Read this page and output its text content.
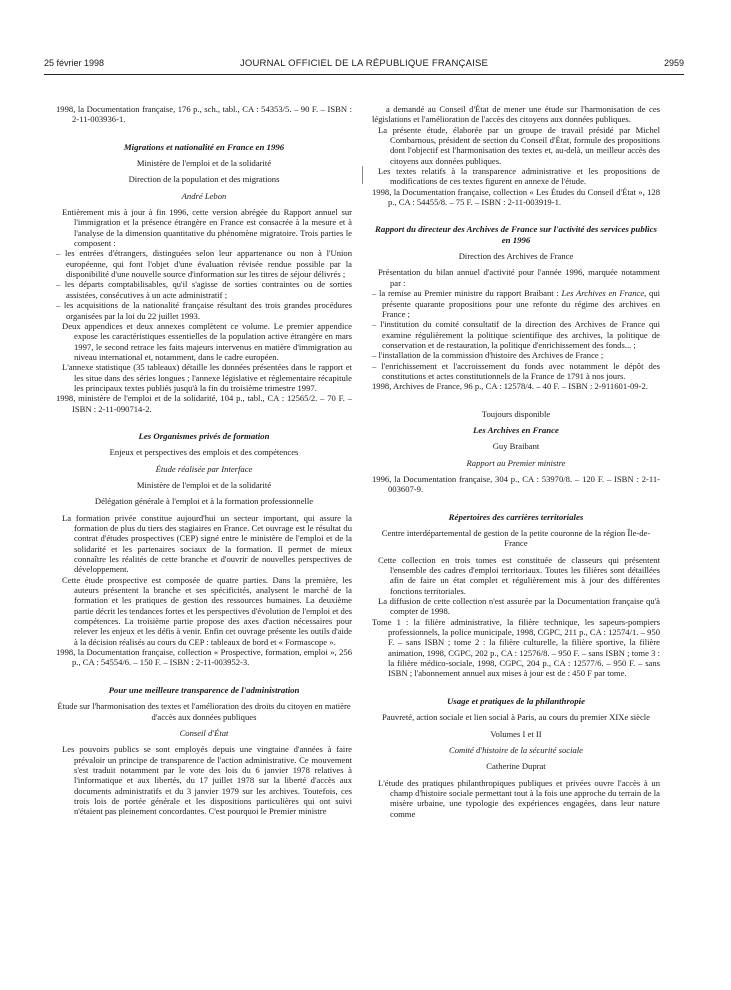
25 février 1998	JOURNAL OFFICIEL DE LA RÉPUBLIQUE FRANÇAISE	2959

1998, la Documentation française, 176 p., sch., tabl., CA : 54353/5. – 90 F. – ISBN : 2-11-003936-1.

Migrations et nationalité en France en 1996

Ministère de l'emploi et de la solidarité

Direction de la population et des migrations

André Lebon

Entièrement mis à jour à fin 1996, cette version abrégée du Rapport annuel sur l'immigration et la présence étrangère en France est consacrée à la mesure et à l'analyse de la dimension quantitative du phénomène migratoire. Trois parties le composent :

– les entrées d'étrangers, distinguées selon leur appartenance ou non à l'Union européenne, qui font l'objet d'une évaluation révisée rendue possible par la disponibilité d'une nouvelle source d'information sur les titres de séjour délivrés ;

– les départs comptabilisables, qu'il s'agisse de sorties contraintes ou de sorties assistées, consécutives à un acte administratif ;

– les acquisitions de la nationalité française résultant des trois grandes procédures organisées par la loi du 22 juillet 1993.

Deux appendices et deux annexes complètent ce volume. Le premier appendice expose les caractéristiques essentielles de la population active étrangère en mars 1997, le second retrace les faits majeurs intervenus en matière d'immigration au niveau international et, notamment, dans le cadre européen.

L'annexe statistique (35 tableaux) détaille les données présentées dans le rapport et les situe dans des séries longues ; l'annexe législative et réglementaire récapitule les principaux textes publiés jusqu'à la fin du troisième trimestre 1997.

1998, ministère de l'emploi et de la solidarité, 104 p., tabl., CA : 12565/2. – 70 F. – ISBN : 2-11-090714-2.

Les Organismes privés de formation

Enjeux et perspectives des emplois et des compétences

Étude réalisée par Interface

Ministère de l'emploi et de la solidarité

Délégation générale à l'emploi et à la formation professionnelle

La formation privée constitue aujourd'hui un secteur important, qui assure la formation de plus du tiers des stagiaires en France. Cet ouvrage est le résultat du contrat d'études prospectives (CEP) signé entre le ministère de l'emploi et de la solidarité et les partenaires sociaux de la formation. Il permet de mieux connaître les réalités de cette branche et d'ouvrir de nouvelles perspectives de développement.

Cette étude prospective est composée de quatre parties. Dans la première, les auteurs présentent la branche et ses spécificités, analysent le marché de la formation et les pratiques de gestion des ressources humaines. La deuxième partie décrit les tendances fortes et les perspectives d'évolution de l'emploi et des compétences. La troisième partie propose des axes d'action nécessaires pour relever les enjeux et les défis à venir. Enfin cet ouvrage présente les outils d'aide à la décision réalisés au cours du CEP : tableaux de bord et « Formascope ».

1998, la Documentation française, collection « Prospective, formation, emploi », 256 p., CA : 54554/6. – 150 F. – ISBN : 2-11-003952-3.

Pour une meilleure transparence de l'administration

Étude sur l'harmonisation des textes et l'amélioration des droits du citoyen en matière d'accès aux données publiques

Conseil d'État

Les pouvoirs publics se sont employés depuis une vingtaine d'années à faire prévaloir un principe de transparence de l'action administrative. Ce mouvement s'est traduit notamment par le vote des lois du 6 janvier 1978 relatives à l'informatique et aux libertés, du 17 juillet 1978 sur la liberté d'accès aux documents administratifs et du 3 janvier 1979 sur les archives. Toutefois, ces trois lois de portée générale et les dispositions particulières qui ont suivi n'étaient pas pleinement concordantes. C'est pourquoi le Premier ministre

a demandé au Conseil d'État de mener une étude sur l'harmonisation de ces législations et l'amélioration de l'accès des citoyens aux données publiques.

La présente étude, élaborée par un groupe de travail présidé par Michel Combarnous, président de section du Conseil d'État, formule des propositions dont l'objectif est l'harmonisation des textes et, au-delà, un meilleur accès des citoyens aux données publiques.

Les textes relatifs à la transparence administrative et les propositions de modifications de ces textes figurent en annexe de l'étude.

1998, la Documentation française, collection « Les Études du Conseil d'État », 128 p., CA : 54455/8. – 75 F. – ISBN : 2-11-003919-1.

Rapport du directeur des Archives de France sur l'activité des services publics en 1996

Direction des Archives de France

Présentation du bilan annuel d'activité pour l'année 1996, marquée notamment par :

– la remise au Premier ministre du rapport Braibant : Les Archives en France, qui présente quarante propositions pour une refonte du régime des archives en France ;

– l'institution du comité consultatif de la direction des Archives de France qui examine régulièrement la politique scientifique des archives, la politique de conservation et de restauration, la politique d'enrichissement des fonds... ;

– l'installation de la commission d'histoire des Archives de France ;

– l'enrichissement et l'accroissement du fonds avec notamment le dépôt des constitutions et actes constitutionnels de la France de 1791 à nos jours.

1998, Archives de France, 96 p., CA : 12578/4. – 40 F. – ISBN : 2-911601-09-2.

Toujours disponible

Les Archives en France

Guy Braibant

Rapport au Premier ministre

1996, la Documentation française, 304 p., CA : 53970/8. – 120 F. – ISBN : 2-11-003607-9.

Répertoires des carrières territoriales

Centre interdépartemental de gestion de la petite couronne de la région Île-de-France

Cette collection en trois tomes est constituée de classeurs qui présentent l'ensemble des cadres d'emploi territoriaux. Toutes les filières sont détaillées afin de faire un état complet et régulièrement mis à jour des différentes fonctions territoriales.

La diffusion de cette collection n'est assurée par la Documentation française qu'à compter de 1998.

Tome 1 : la filière administrative, la filière technique, les sapeurs-pompiers professionnels, la police municipale, 1998, CGPC, 211 p., CA : 12574/1. – 950 F. – sans ISBN ; tome 2 : la filière culturelle, la filière sportive, la filière animation, 1998, CGPC, 202 p., CA : 12576/8. – 950 F. – sans ISBN ; tome 3 : la filière médico-sociale, 1998, CGPC, 204 p., CA : 12577/6. – 950 F. – sans ISBN ; l'abonnement annuel aux mises à jour est de : 450 F par tome.

Usage et pratiques de la philanthropie

Pauvreté, action sociale et lien social à Paris, au cours du premier XIXe siècle

Volumes I et II

Comité d'histoire de la sécurité sociale

Catherine Duprat

L'étude des pratiques philanthropiques publiques et privées ouvre l'accès à un champ d'histoire sociale permettant tout à la fois une approche du terrain de la misère urbaine, une typologie des expériences engagées, dans leur nature comme
